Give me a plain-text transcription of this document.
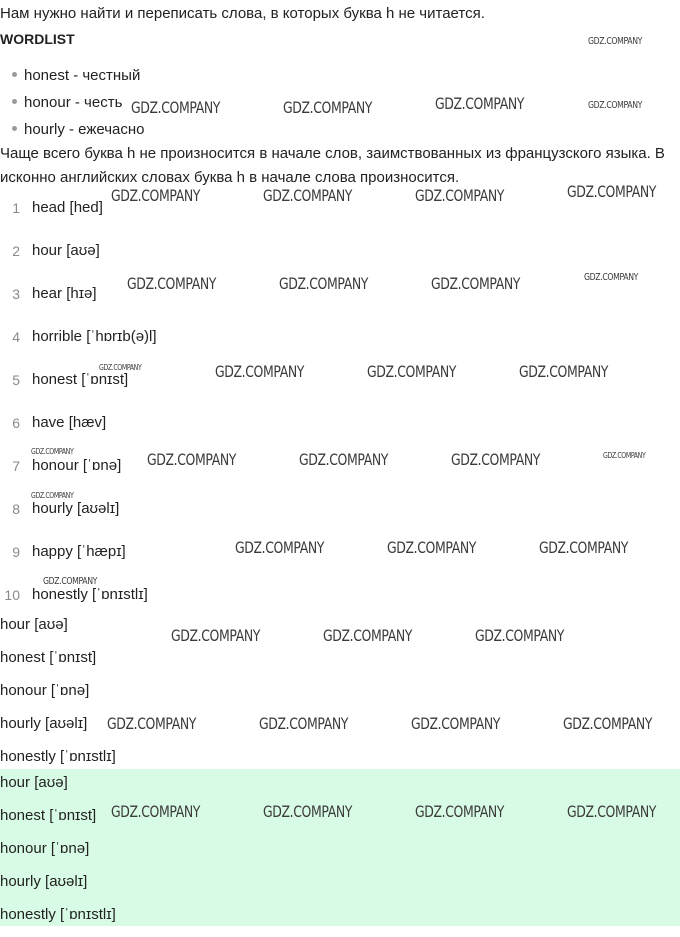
Нам нужно найти и переписать слова, в которых буква h не читается.
WORDLIST
honest - честный
honour - честь
hourly - ежечасно
Чаще всего буква h не произносится в начале слов, заимствованных из французского языка. В исконно английских словах буква h в начале слова произносится.
1 head [hed]
2 hour [aʊə]
3 hear [hɪə]
4 horrible [ˈhɒrɪb(ə)l]
5 honest [ˈɒnɪst]
6 have [hæv]
7 honour [ˈɒnə]
8 hourly [aʊəlɪ]
9 happy [ˈhæpɪ]
10 honestly [ˈɒnɪstlɪ]
hour [aʊə]
honest [ˈɒnɪst]
honour [ˈɒnə]
hourly [aʊəlɪ]
honestly [ˈɒnɪstlɪ]
hour [aʊə]
honest [ˈɒnɪst]
honour [ˈɒnə]
hourly [aʊəlɪ]
honestly [ˈɒnɪstlɪ]
GDZ.COMPANY
GDZ.COMPANY	GDZ.COMPANY	GDZ.COMPANY	GDZ.COMPANY
GDZ.COMPANY	GDZ.COMPANY	GDZ.COMPANY	GDZ.COMPANY
GDZ.COMPANY	GDZ.COMPANY	GDZ.COMPANY	GDZ.COMPANY
GDZ.COMPANY	GDZ.COMPANY	GDZ.COMPANY	GDZ.COMPANY
GDZ.COMPANY	GDZ.COMPANY	GDZ.COMPANY	GDZ.COMPANY	GDZ.COMPANY
GDZ.COMPANY
GDZ.COMPANY	GDZ.COMPANY	GDZ.COMPANY
GDZ.COMPANY
GDZ.COMPANY	GDZ.COMPANY	GDZ.COMPANY
GDZ.COMPANY	GDZ.COMPANY	GDZ.COMPANY	GDZ.COMPANY
GDZ.COMPANY	GDZ.COMPANY	GDZ.COMPANY	GDZ.COMPANY
